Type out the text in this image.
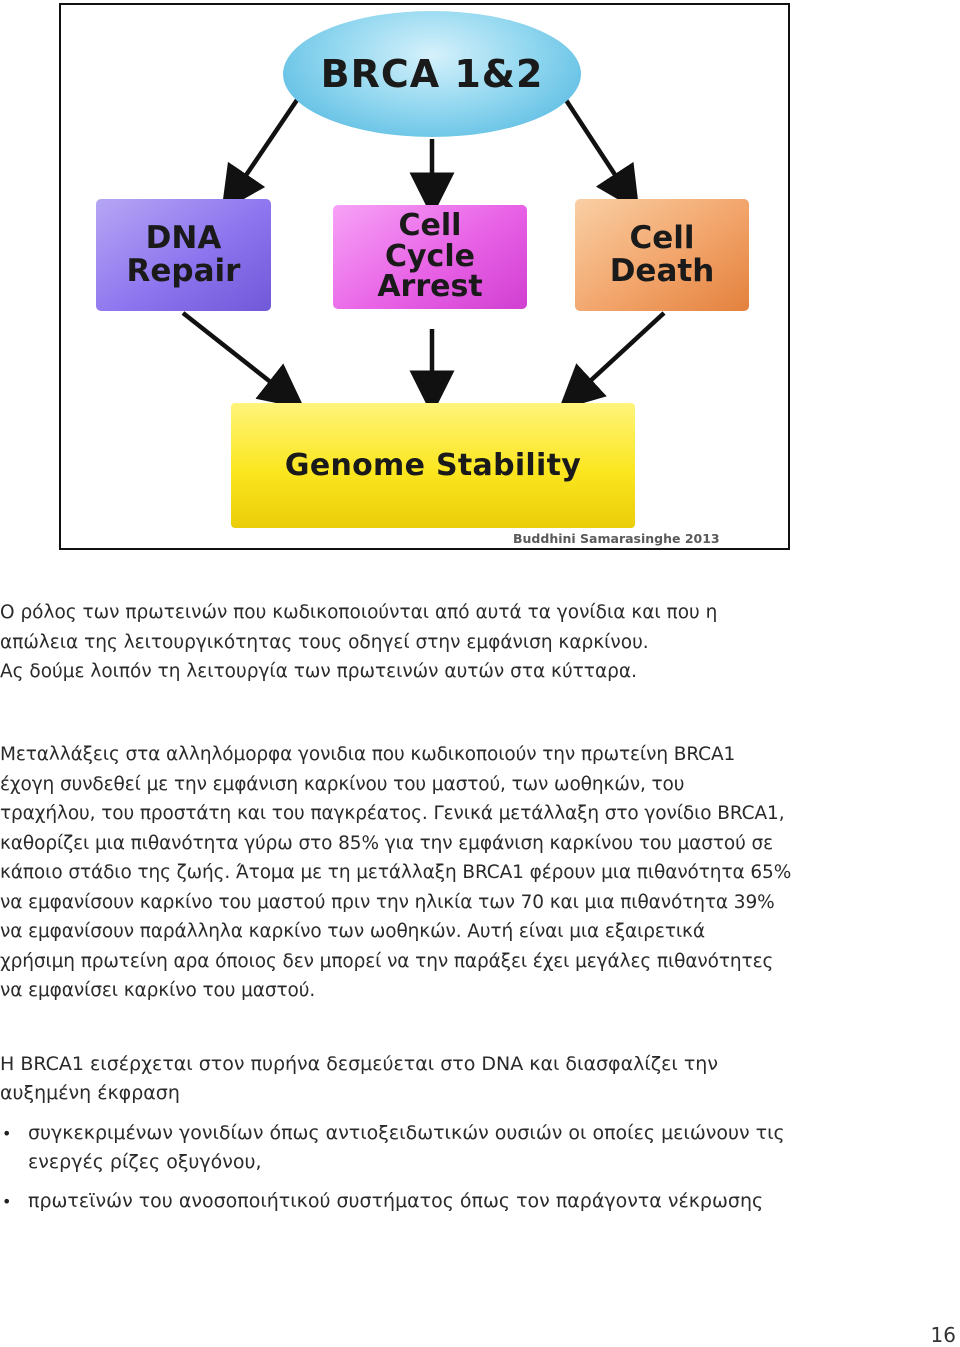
BRCA 1&2
DNA
Repair
Cell
Cycle
Arrest
Cell
Death
Genome Stability
Buddhini Samarasinghe 2013
Ο ρόλος των πρωτεινών που κωδικοποιούνται από αυτά τα γονίδια και που η
απώλεια της λειτουργικότητας τους οδηγεί στην εμφάνιση καρκίνου.
Ας δούμε λοιπόν τη λειτουργία των πρωτεινών αυτών στα κύτταρα.
Μεταλλάξεις στα αλληλόμορφα γονιδια που κωδικοποιούν την πρωτείνη BRCA1
έχογη συνδεθεί με την εμφάνιση καρκίνου του μαστού, των ωοθηκών, του
τραχήλου, του προστάτη και του παγκρέατος. Γενικά μετάλλαξη στο γονίδιο BRCA1,
καθορίζει μια πιθανότητα γύρω στο 85% για την εμφάνιση καρκίνου του μαστού σε
κάποιο στάδιο της ζωής. Άτομα με τη μετάλλαξη BRCA1 φέρουν μια πιθανότητα 65%
να εμφανίσουν καρκίνο του μαστού πριν την ηλικία των 70 και μια πιθανότητα 39%
να εμφανίσουν παράλληλα καρκίνο των ωοθηκών. Αυτή είναι μια εξαιρετικά
χρήσιμη πρωτείνη αρα όποιος δεν μπορεί να την παράξει έχει μεγάλες πιθανότητες
να εμφανίσει καρκίνο του μαστού.
Η BRCA1 εισέρχεται στον πυρήνα δεσμεύεται στο DNA και διασφαλίζει την
αυξημένη έκφραση
• συγκεκριμένων γονιδίων όπως αντιοξειδωτικών ουσιών οι οποίες μειώνουν τις
ενεργές ρίζες οξυγόνου,
• πρωτεϊνών του ανοσοποιήτικού συστήματος όπως τον παράγοντα νέκρωσης
16
